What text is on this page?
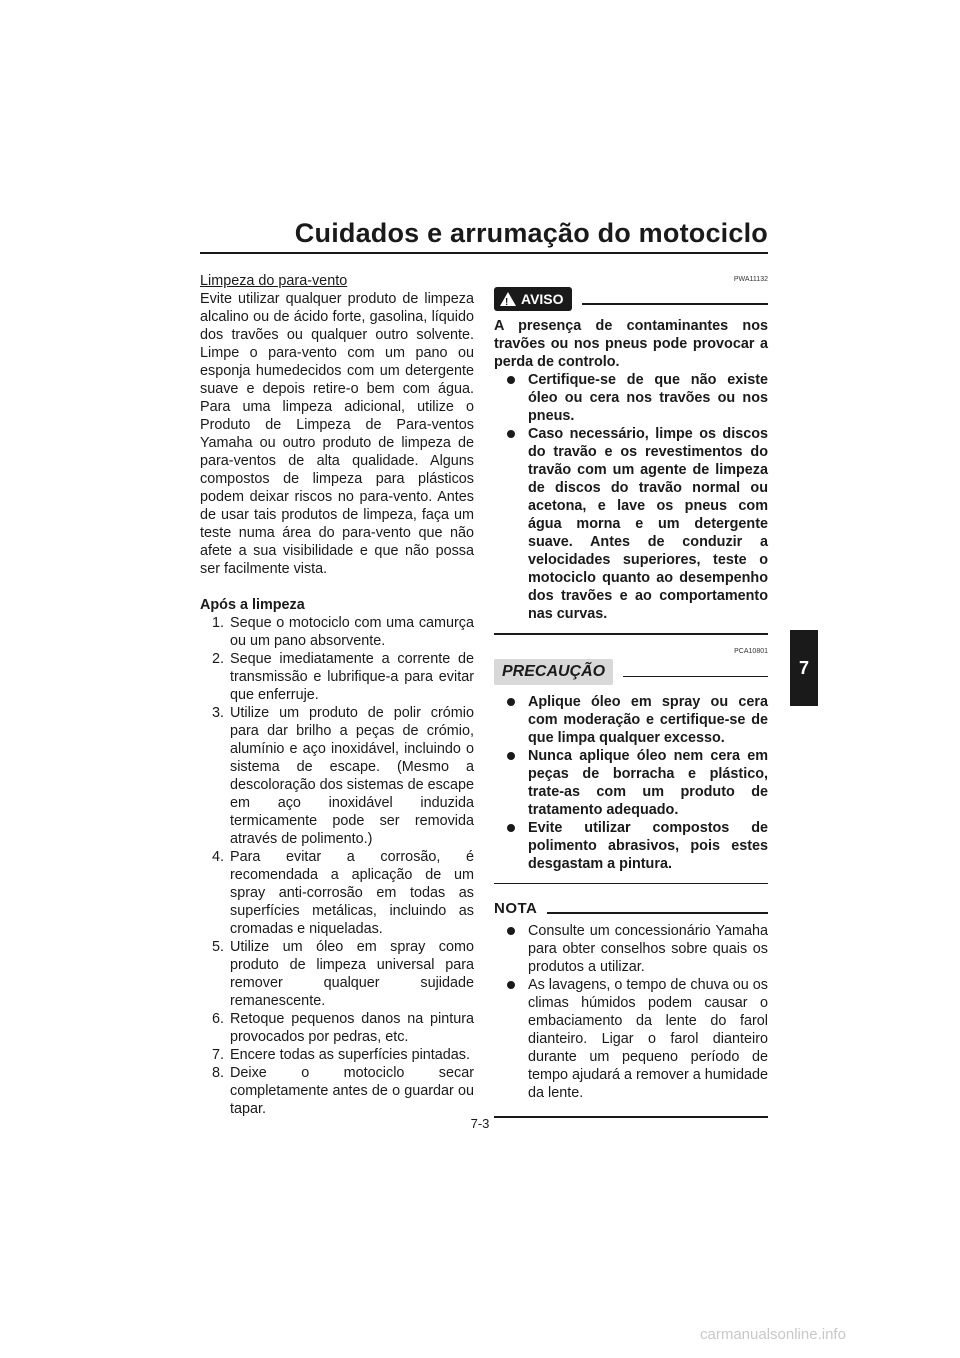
Cuidados e arrumação do motociclo
7
Limpeza do para-vento
Evite utilizar qualquer produto de limpeza alcalino ou de ácido forte, gasolina, líquido dos travões ou qualquer outro solvente. Limpe o para-vento com um pano ou esponja humedecidos com um detergente suave e depois retire-o bem com água. Para uma limpeza adicional, utilize o Produto de Limpeza de Para-ventos Yamaha ou outro produto de limpeza de para-ventos de alta qualidade. Alguns compostos de limpeza para plásticos podem deixar riscos no para-vento. Antes de usar tais produtos de limpeza, faça um teste numa área do para-vento que não afete a sua visibilidade e que não possa ser facilmente vista.
Após a limpeza
1. Seque o motociclo com uma camurça ou um pano absorvente.
2. Seque imediatamente a corrente de transmissão e lubrifique-a para evitar que enferruje.
3. Utilize um produto de polir crómio para dar brilho a peças de crómio, alumínio e aço inoxidável, incluindo o sistema de escape. (Mesmo a descoloração dos sistemas de escape em aço inoxidável induzida termicamente pode ser removida através de polimento.)
4. Para evitar a corrosão, é recomendada a aplicação de um spray anti-corrosão em todas as superfícies metálicas, incluindo as cromadas e niqueladas.
5. Utilize um óleo em spray como produto de limpeza universal para remover qualquer sujidade remanescente.
6. Retoque pequenos danos na pintura provocados por pedras, etc.
7. Encere todas as superfícies pintadas.
8. Deixe o motociclo secar completamente antes de o guardar ou tapar.
PWA11132
!
AVISO
A presença de contaminantes nos travões ou nos pneus pode provocar a perda de controlo.
Certifique-se de que não existe óleo ou cera nos travões ou nos pneus.
Caso necessário, limpe os discos do travão e os revestimentos do travão com um agente de limpeza de discos do travão normal ou acetona, e lave os pneus com água morna e um detergente suave. Antes de conduzir a velocidades superiores, teste o motociclo quanto ao desempenho dos travões e ao comportamento nas curvas.
PCA10801
PRECAUÇÃO
Aplique óleo em spray ou cera com moderação e certifique-se de que limpa qualquer excesso.
Nunca aplique óleo nem cera em peças de borracha e plástico, trate-as com um produto de tratamento adequado.
Evite utilizar compostos de polimento abrasivos, pois estes desgastam a pintura.
NOTA
Consulte um concessionário Yamaha para obter conselhos sobre quais os produtos a utilizar.
As lavagens, o tempo de chuva ou os climas húmidos podem causar o embaciamento da lente do farol dianteiro. Ligar o farol dianteiro durante um pequeno período de tempo ajudará a remover a humidade da lente.
7-3
carmanualsonline.info
